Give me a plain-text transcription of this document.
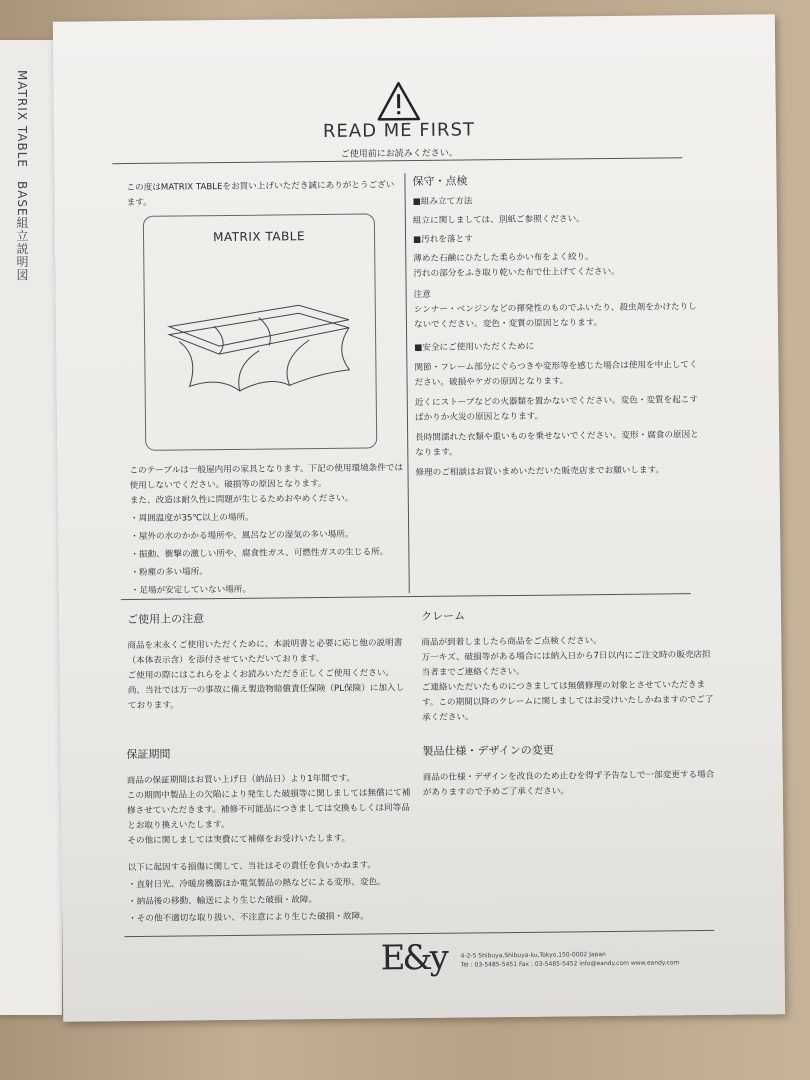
MATRIX TABLE　BASE組立説明図	READ ME FIRST
ご使用前にお読みください。

この度はMATRIX TABLEをお買い上げいただき誠にありがとうございます。

MATRIX TABLE

このテーブルは一般屋内用の家具となります。下記の使用環境条件では使用しないでください。破損等の原因となります。

また、改造は耐久性に問題が生じるためおやめください。

・周囲温度が35℃以上の場所。

・屋外の水のかかる場所や、風呂などの湿気の多い場所。

・振動、衝撃の激しい所や、腐食性ガス、可燃性ガスの生じる所。

・粉塵の多い場所。

・足場が安定していない場所。

保守・点検

■組み立て方法

組立に関しましては、別紙ご参照ください。

■汚れを落とす

薄めた石鹸にひたした柔らかい布をよく絞り。

汚れの部分をふき取り乾いた布で仕上げてください。

注意

シンナー・ベンジンなどの揮発性のものでふいたり、殺虫剤をかけたりしないでください。変色・変質の原因となります。

■安全にご使用いただくために

関節・フレーム部分にぐらつきや変形等を感じた場合は使用を中止してください。破損やケガの原因となります。

近くにストーブなどの火器類を置かないでください。変色・変質を起こすばかりか火災の原因となります。

長時間濡れた衣類や重いものを乗せないでください。変形・腐食の原因となります。

修理のご相談はお買いまめいただいた販売店までお願いします。

ご使用上の注意

商品を末永くご使用いただくために、本説明書と必要に応じ他の説明書（本体表示含）を添付させていただいております。

ご使用の際にはこれらをよくお読みいただき正しくご使用ください。

尚、当社では万一の事故に備え製造物賠償責任保険（PL保険）に加入しております。

クレーム

商品が到着しましたら商品をご点検ください。

万一キズ、破損等がある場合には納入日から7日以内にご注文時の販売店担当者までご連絡ください。

ご連絡いただいたものにつきましては無償修理の対象とさせていただきます。この期間以降のクレームに関しましてはお受けいたしかねますのでご了承ください。

保証期間

商品の保証期間はお買い上げ日（納品日）より1年間です。

この期間中製品上の欠陥により発生した破損等に関しましては無償にて補修させていただきます。補修不可能品につきましては交換もしくは同等品とお取り換えいたします。

その他に関しましては実費にて補修をお受けいたします。

以下に起因する損傷に関して、当社はその責任を負いかねます。

・直射日光、冷暖房機器ほか電気製品の熱などによる変形、変色。

・納品後の移動、輸送により生じた破損・故障。

・その他不適切な取り扱い、不注意により生じた破損・故障。

製品仕様・デザインの変更

商品の仕様・デザインを改良のため止むを得ず予告なしで一部変更する場合がありますので予めご了承ください。

E&y 4-2-5 Shibuya,Shibuya-ku,Tokyo,150-0002 Japan
Tel : 03-5485-5451 Fax : 03-5485-5452 info@eandy.com www.eandy.com
